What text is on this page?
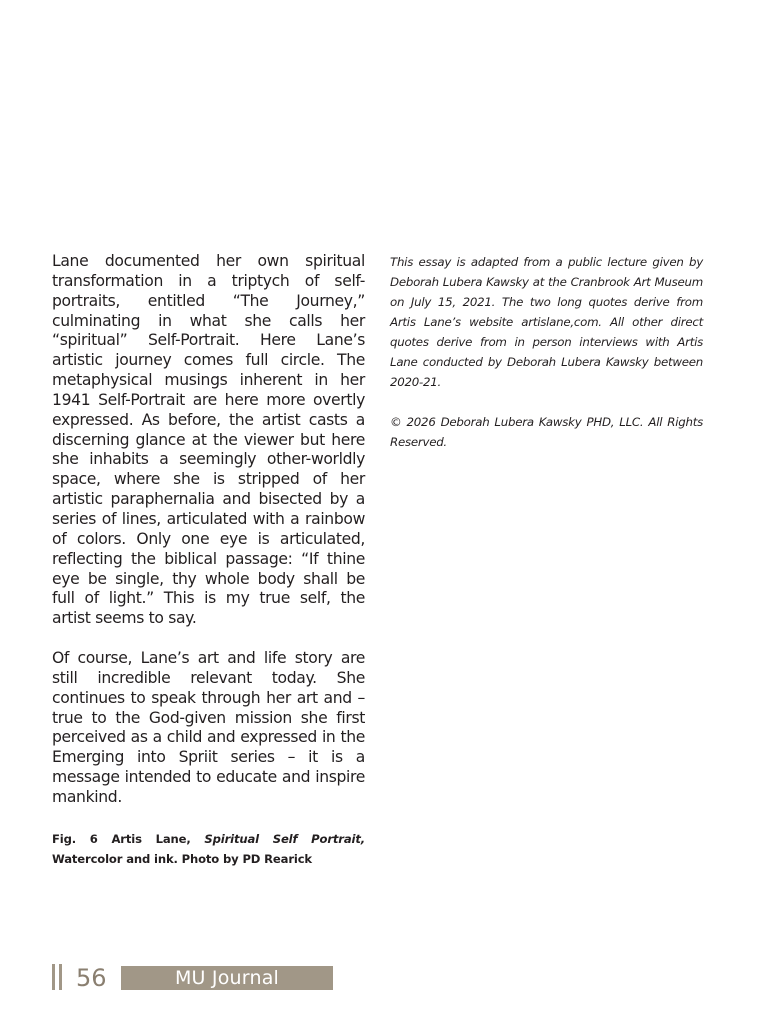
Lane documented her own spiritual transformation in a triptych of self-portraits, entitled “The Journey,” culminating in what she calls her “spiritual” Self-Portrait. Here Lane’s artistic journey comes full circle. The metaphysical musings inherent in her 1941 Self-Portrait are here more overtly expressed. As before, the artist casts a discerning glance at the viewer but here she inhabits a seemingly other-worldly space, where she is stripped of her artistic paraphernalia and bisected by a series of lines, articulated with a rainbow of colors. Only one eye is articulated, reflecting the biblical passage: “If thine eye be single, thy whole body shall be full of light.” This is my true self, the artist seems to say.

Of course, Lane’s art and life story are still incredible relevant today. She continues to speak through her art and – true to the God-given mission she first perceived as a child and expressed in the Emerging into Spriit series – it is a message intended to educate and inspire mankind.

Fig. 6 Artis Lane, Spiritual Self Portrait, Watercolor and ink. Photo by PD Rearick

This essay is adapted from a public lecture given by Deborah Lubera Kawsky at the Cranbrook Art Museum on July 15, 2021. The two long quotes derive from Artis Lane’s website artislane,com. All other direct quotes derive from in person interviews with Artis Lane conducted by Deborah Lubera Kawsky between 2020-21.

© 2026 Deborah Lubera Kawsky PHD, LLC. All Rights Reserved.

56	MU Journal
